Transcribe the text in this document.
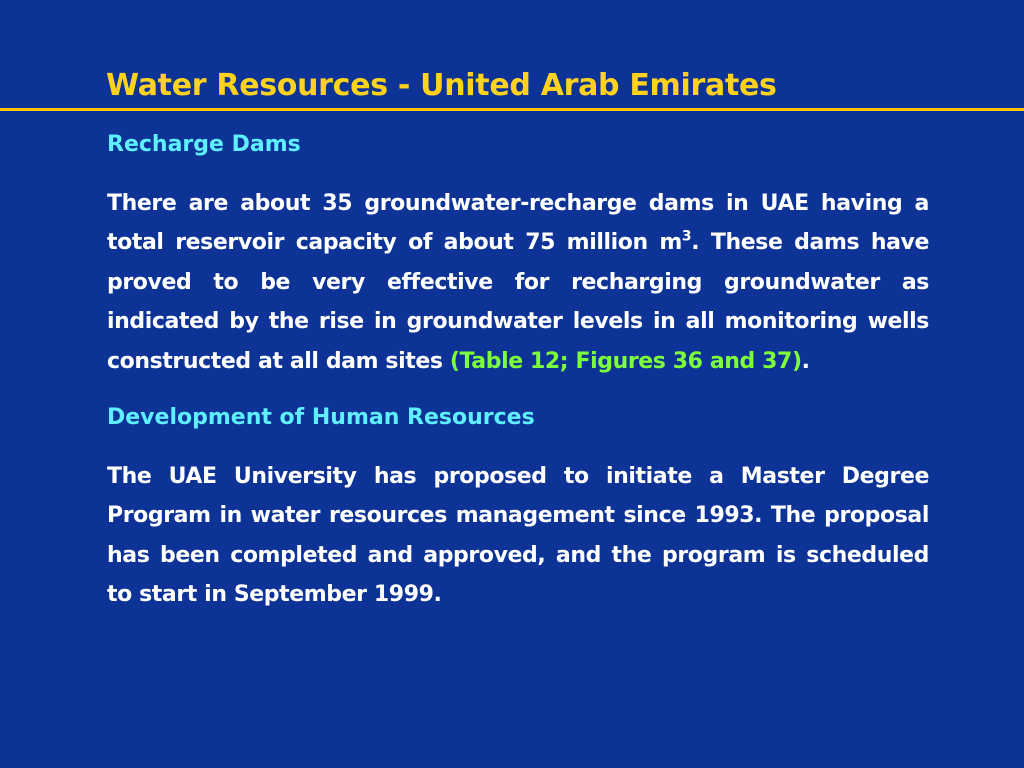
Water Resources - United Arab Emirates
Recharge Dams

There are about 35 groundwater-recharge dams in UAE having a total reservoir capacity of about 75 million $m^3$. These dams have proved to be very effective for recharging groundwater as indicated by the rise in groundwater levels in all monitoring wells constructed at all dam sites (Table 12; Figures 36 and 37).

Development of Human Resources

The UAE University has proposed to initiate a Master Degree Program in water resources management since 1993. The proposal has been completed and approved, and the program is scheduled to start in September 1999.
